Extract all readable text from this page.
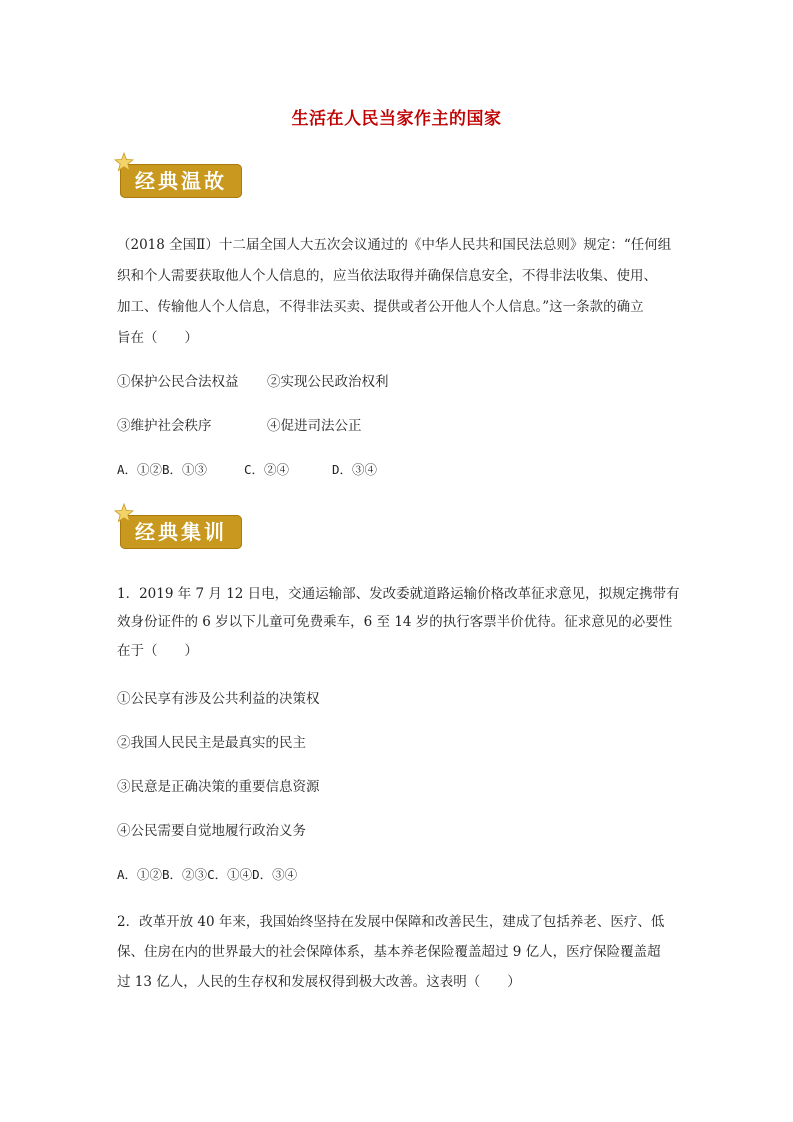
生活在人民当家作主的国家
经典温故
（2018 全国Ⅱ）十二届全国人大五次会议通过的《中华人民共和国民法总则》规定：“任何组
织和个人需要获取他人个人信息的，应当依法取得并确保信息安全，不得非法收集、使用、
加工、传输他人个人信息，不得非法买卖、提供或者公开他人个人信息。”这一条款的确立
旨在（　　）
①保护公民合法权益 ②实现公民政治权利
③维护社会秩序	④促进司法公正
A．①②B．①③	C．②④	D．③④
经典集训
1．2019 年 7 月 12 日电，交通运输部、发改委就道路运输价格改革征求意见，拟规定携带有
效身份证件的 6 岁以下儿童可免费乘车，6 至 14 岁的执行客票半价优待。征求意见的必要性
在于（　　）
①公民享有涉及公共利益的决策权
②我国人民民主是最真实的民主
③民意是正确决策的重要信息资源
④公民需要自觉地履行政治义务
A．①②B．②③C．①④D．③④
2．改革开放 40 年来，我国始终坚持在发展中保障和改善民生，建成了包括养老、医疗、低
保、住房在内的世界最大的社会保障体系，基本养老保险覆盖超过 9 亿人，医疗保险覆盖超
过 13 亿人，人民的生存权和发展权得到极大改善。这表明（　　）
